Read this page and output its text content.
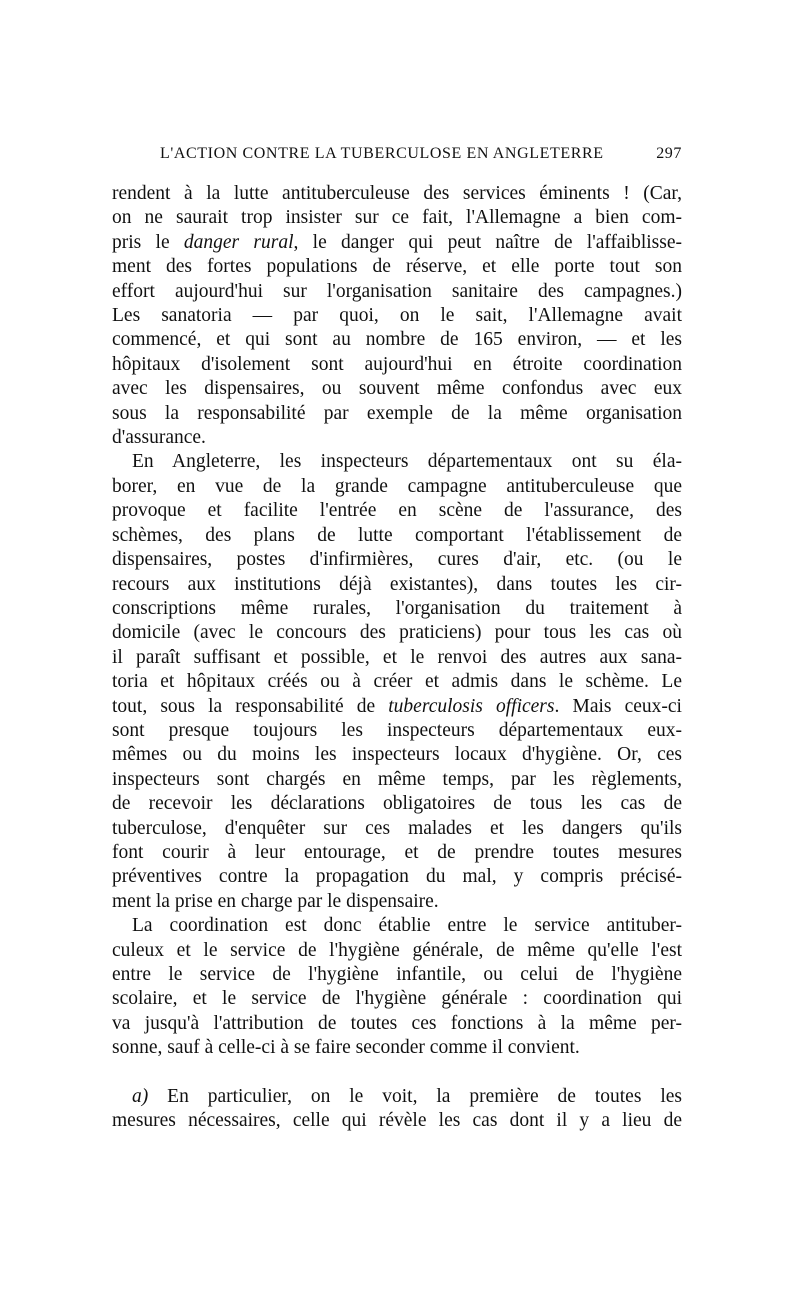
L'ACTION CONTRE LA TUBERCULOSE EN ANGLETERRE	297

rendent à la lutte antituberculeuse des services éminents ! (Car,
on ne saurait trop insister sur ce fait, l'Allemagne a bien com-
pris le danger rural, le danger qui peut naître de l'affaiblisse-
ment des fortes populations de réserve, et elle porte tout son
effort aujourd'hui sur l'organisation sanitaire des campagnes.)
Les sanatoria — par quoi, on le sait, l'Allemagne avait
commencé, et qui sont au nombre de 165 environ, — et les
hôpitaux d'isolement sont aujourd'hui en étroite coordination
avec les dispensaires, ou souvent même confondus avec eux
sous la responsabilité par exemple de la même organisation
d'assurance.

En Angleterre, les inspecteurs départementaux ont su éla-
borer, en vue de la grande campagne antituberculeuse que
provoque et facilite l'entrée en scène de l'assurance, des
schèmes, des plans de lutte comportant l'établissement de
dispensaires, postes d'infirmières, cures d'air, etc. (ou le
recours aux institutions déjà existantes), dans toutes les cir-
conscriptions même rurales, l'organisation du traitement à
domicile (avec le concours des praticiens) pour tous les cas où
il paraît suffisant et possible, et le renvoi des autres aux sana-
toria et hôpitaux créés ou à créer et admis dans le schème. Le
tout, sous la responsabilité de tuberculosis officers. Mais ceux-ci
sont presque toujours les inspecteurs départementaux eux-
mêmes ou du moins les inspecteurs locaux d'hygiène. Or, ces
inspecteurs sont chargés en même temps, par les règlements,
de recevoir les déclarations obligatoires de tous les cas de
tuberculose, d'enquêter sur ces malades et les dangers qu'ils
font courir à leur entourage, et de prendre toutes mesures
préventives contre la propagation du mal, y compris précisé-
ment la prise en charge par le dispensaire.

La coordination est donc établie entre le service antituber-
culeux et le service de l'hygiène générale, de même qu'elle l'est
entre le service de l'hygiène infantile, ou celui de l'hygiène
scolaire, et le service de l'hygiène générale : coordination qui
va jusqu'à l'attribution de toutes ces fonctions à la même per-
sonne, sauf à celle-ci à se faire seconder comme il convient.

a) En particulier, on le voit, la première de toutes les
mesures nécessaires, celle qui révèle les cas dont il y a lieu de
